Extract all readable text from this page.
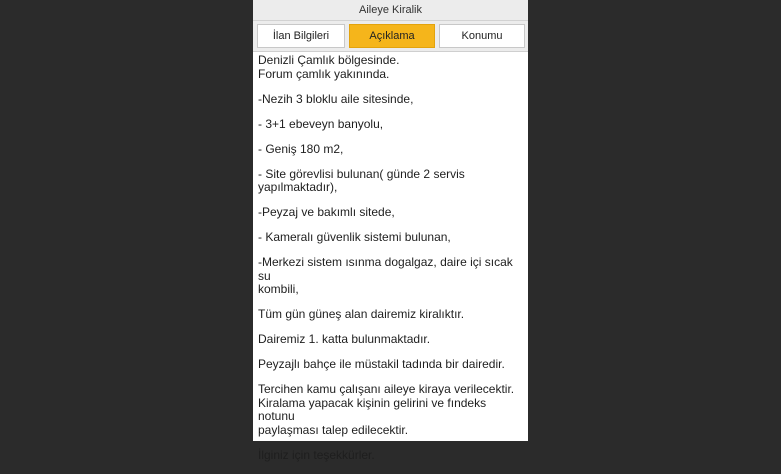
Aileye Kiralik
İlan Bilgileri	Açıklama	Konumu

Denizli Çamlık bölgesinde.
Forum çamlık yakınında.

-Nezih 3 bloklu aile sitesinde,

- 3+1 ebeveyn banyolu,

- Geniş 180 m2,

- Site görevlisi bulunan( günde 2 servis
yapılmaktadır),

-Peyzaj ve bakımlı sitede,

- Kameralı güvenlik sistemi bulunan,

-Merkezi sistem ısınma dogalgaz, daire içi sıcak su
kombili,

Tüm gün güneş alan dairemiz kiralıktır.

Dairemiz 1. katta bulunmaktadır.

Peyzajlı bahçe ile müstakil tadında bir dairedir.

Tercihen kamu çalışanı aileye kiraya verilecektir.
Kiralama yapacak kişinin gelirini ve fındeks notunu
paylaşması talep edilecektir.

İlginiz için teşekkürler.
